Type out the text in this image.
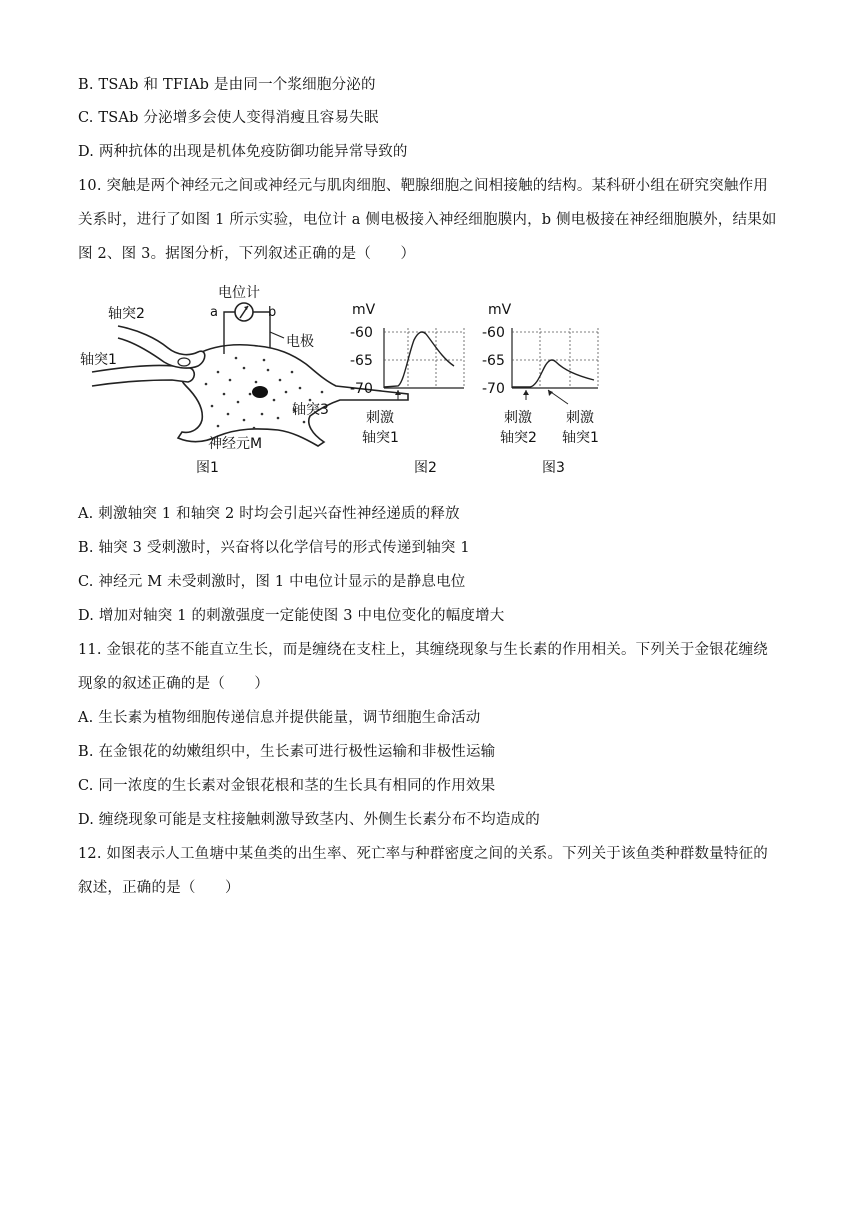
B. TSAb 和 TFIAb 是由同一个浆细胞分泌的
C. TSAb 分泌增多会使人变得消瘦且容易失眠
D. 两种抗体的出现是机体免疫防御功能异常导致的
10. 突触是两个神经元之间或神经元与肌肉细胞、靶腺细胞之间相接触的结构。某科研小组在研究突触作用
关系时，进行了如图 1 所示实验，电位计 a 侧电极接入神经细胞膜内，b 侧电极接在神经细胞膜外，结果如
图 2、图 3。据图分析，下列叙述正确的是（　　）
电位计
a	b
电极
轴突2
轴突1
轴突3
神经元M
图1
mV
-60
-65
-70
刺激
轴突1
图2
mV
-60
-65
-70
刺激
轴突2
刺激
轴突1
图3
A. 刺激轴突 1 和轴突 2 时均会引起兴奋性神经递质的释放
B. 轴突 3 受刺激时，兴奋将以化学信号的形式传递到轴突 1
C. 神经元 M 未受刺激时，图 1 中电位计显示的是静息电位
D. 增加对轴突 1 的刺激强度一定能使图 3 中电位变化的幅度增大
11. 金银花的茎不能直立生长，而是缠绕在支柱上，其缠绕现象与生长素的作用相关。下列关于金银花缠绕
现象的叙述正确的是（　　）
A. 生长素为植物细胞传递信息并提供能量，调节细胞生命活动
B. 在金银花的幼嫩组织中，生长素可进行极性运输和非极性运输
C. 同一浓度的生长素对金银花根和茎的生长具有相同的作用效果
D. 缠绕现象可能是支柱接触刺激导致茎内、外侧生长素分布不均造成的
12. 如图表示人工鱼塘中某鱼类的出生率、死亡率与种群密度之间的关系。下列关于该鱼类种群数量特征的
叙述，正确的是（　　）
